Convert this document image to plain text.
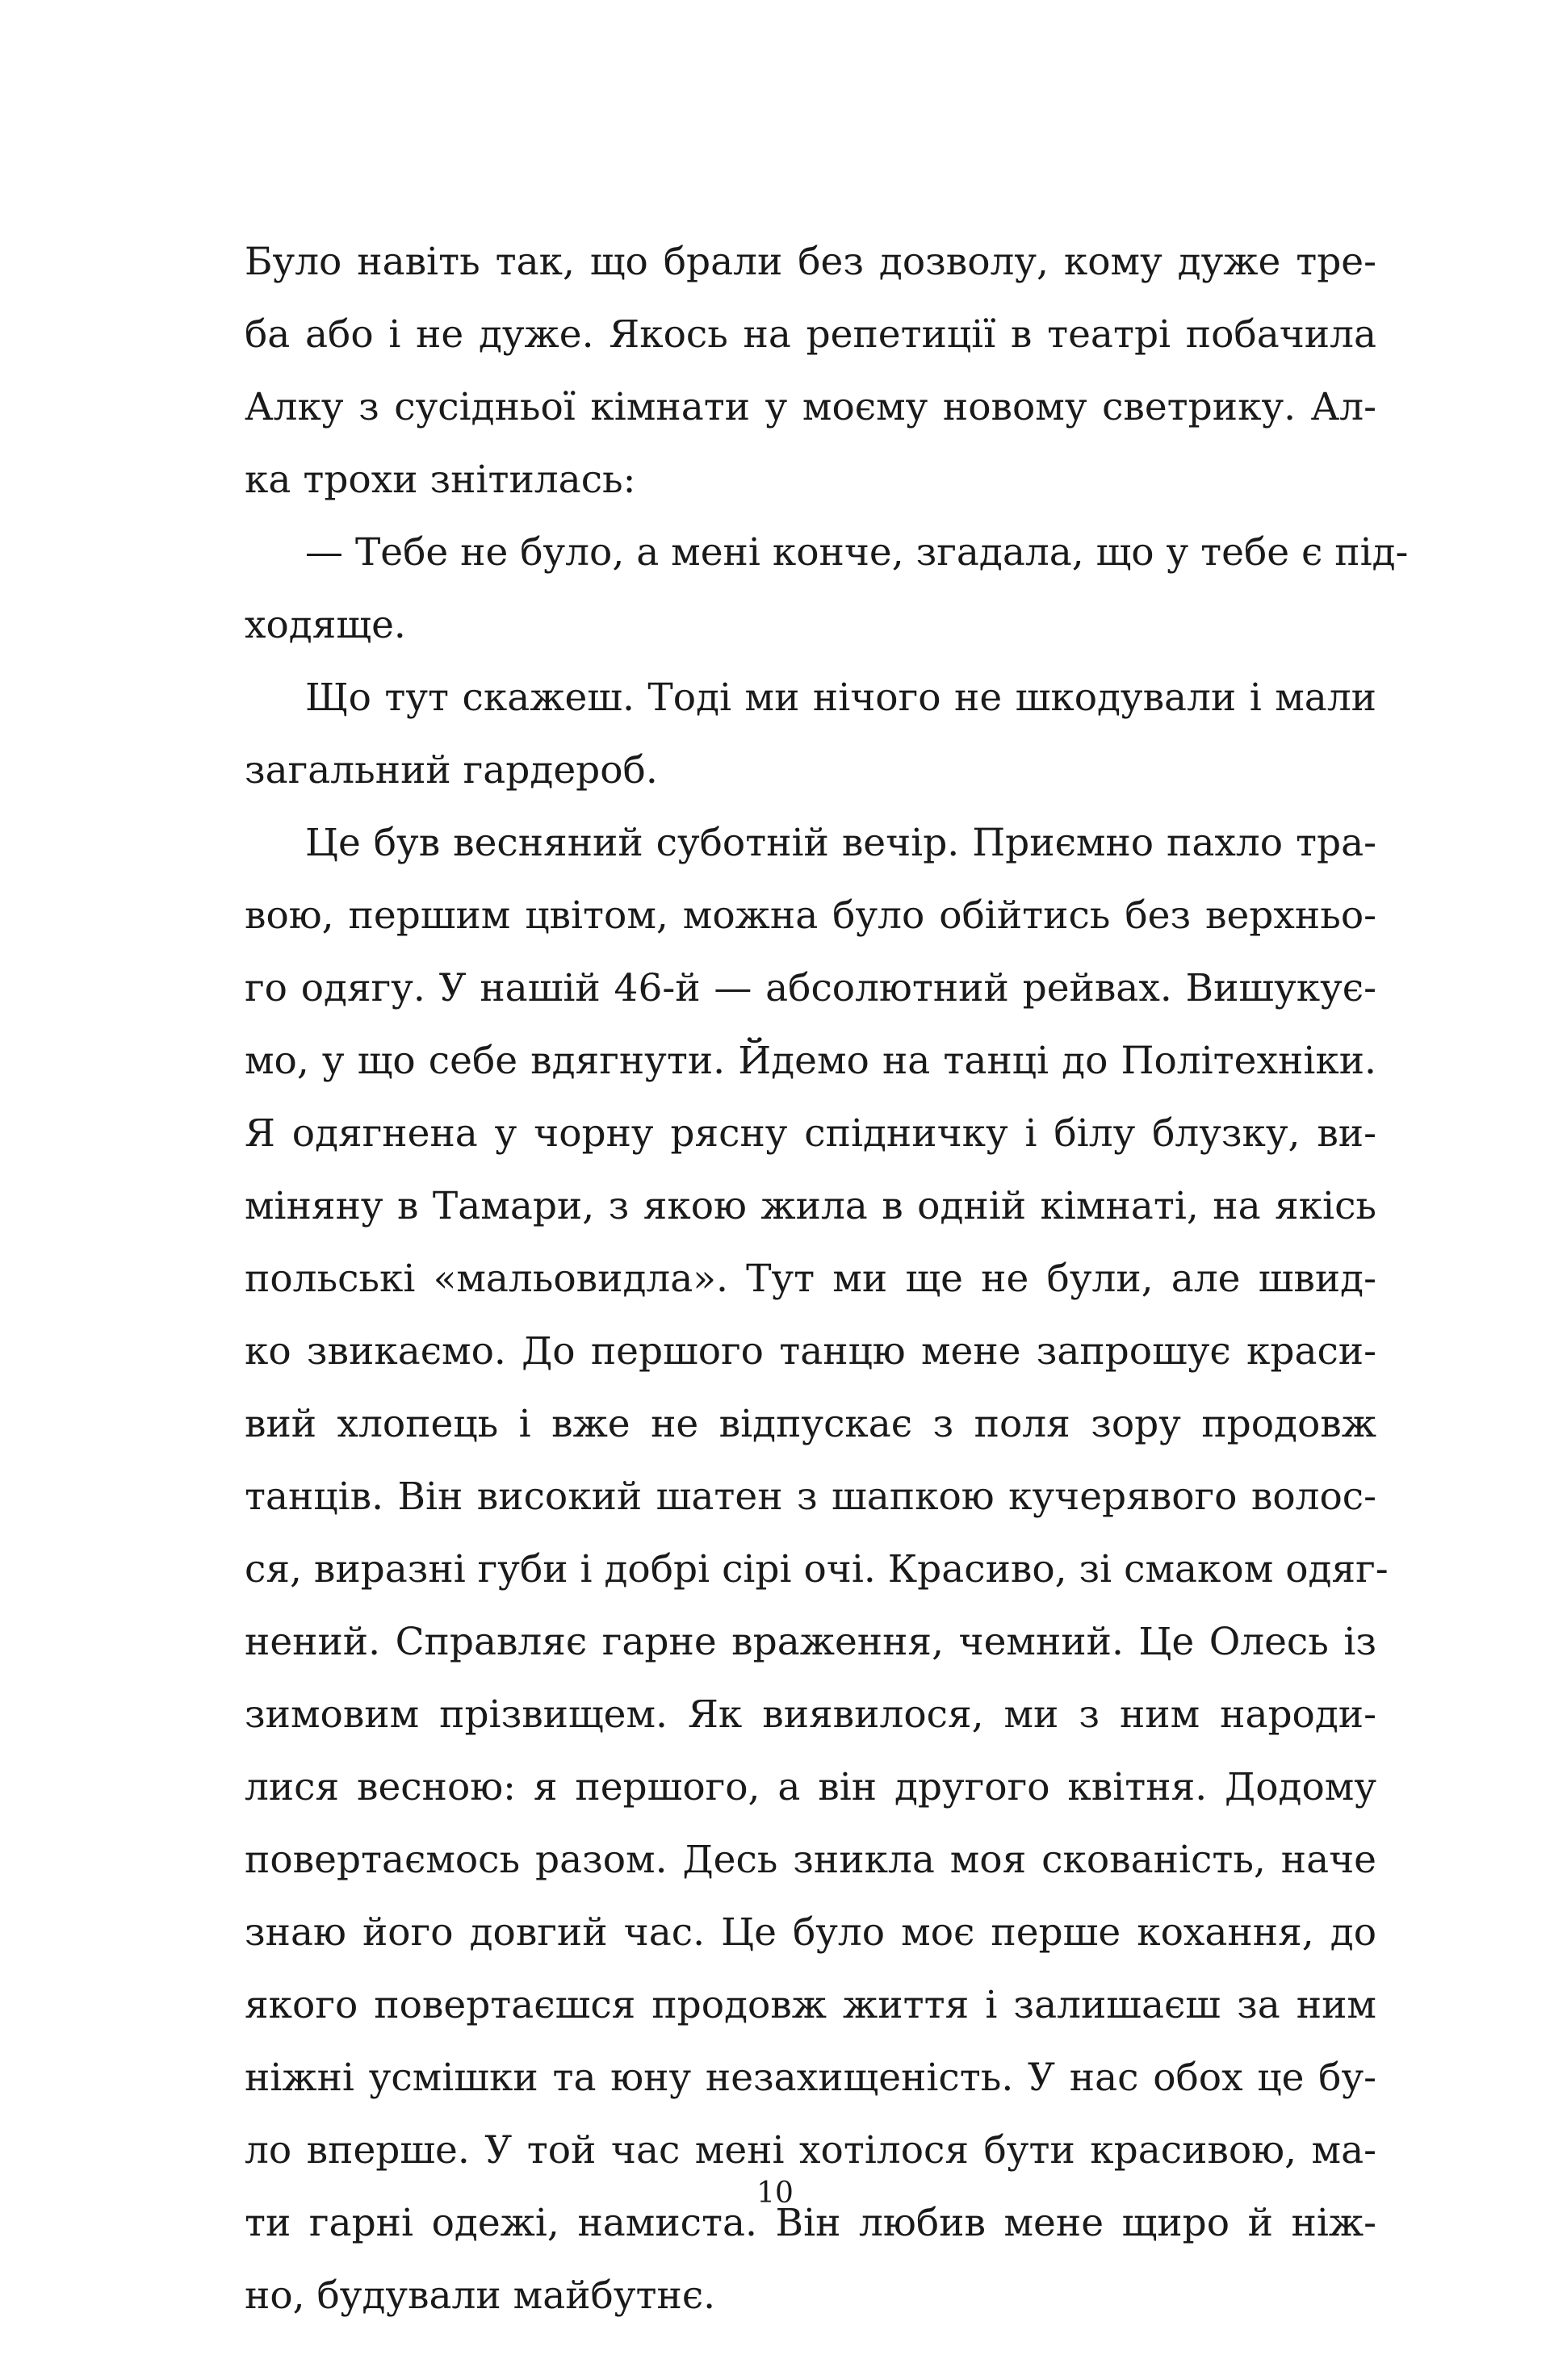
Було навіть так, що брали без дозволу, кому дуже тре-
ба або і не дуже. Якось на репетиції в театрі побачила
Алку з сусідньої кімнати у моєму новому светрику. Ал-
ка трохи знітилась:
— Тебе не було, а мені конче, згадала, що у тебе є під-
ходяще.
Що тут скажеш. Тоді ми нічого не шкодували і мали
загальний гардероб.
Це був весняний суботній вечір. Приємно пахло тра-
вою, першим цвітом, можна було обійтись без верхньо-
го одягу. У нашій 46-й — абсолютний рейвах. Вишукує-
мо, у що себе вдягнути. Йдемо на танці до Політехніки.
Я одягнена у чорну рясну спідничку і білу блузку, ви-
міняну в Тамари, з якою жила в одній кімнаті, на якісь
польські «мальовидла». Тут ми ще не були, але швид-
ко звикаємо. До першого танцю мене запрошує краси-
вий хлопець і вже не відпускає з поля зору продовж
танців. Він високий шатен з шапкою кучерявого волос-
ся, виразні губи і добрі сірі очі. Красиво, зі смаком одяг-
нений. Справляє гарне враження, чемний. Це Олесь із
зимовим прізвищем. Як виявилося, ми з ним народи-
лися весною: я першого, а він другого квітня. Додому
повертаємось разом. Десь зникла моя скованість, наче
знаю його довгий час. Це було моє перше кохання, до
якого повертаєшся продовж життя і залишаєш за ним
ніжні усмішки та юну незахищеність. У нас обох це бу-
ло вперше. У той час мені хотілося бути красивою, ма-
ти гарні одежі, намиста. Він любив мене щиро й ніж-
но, будували майбутнє.
10
